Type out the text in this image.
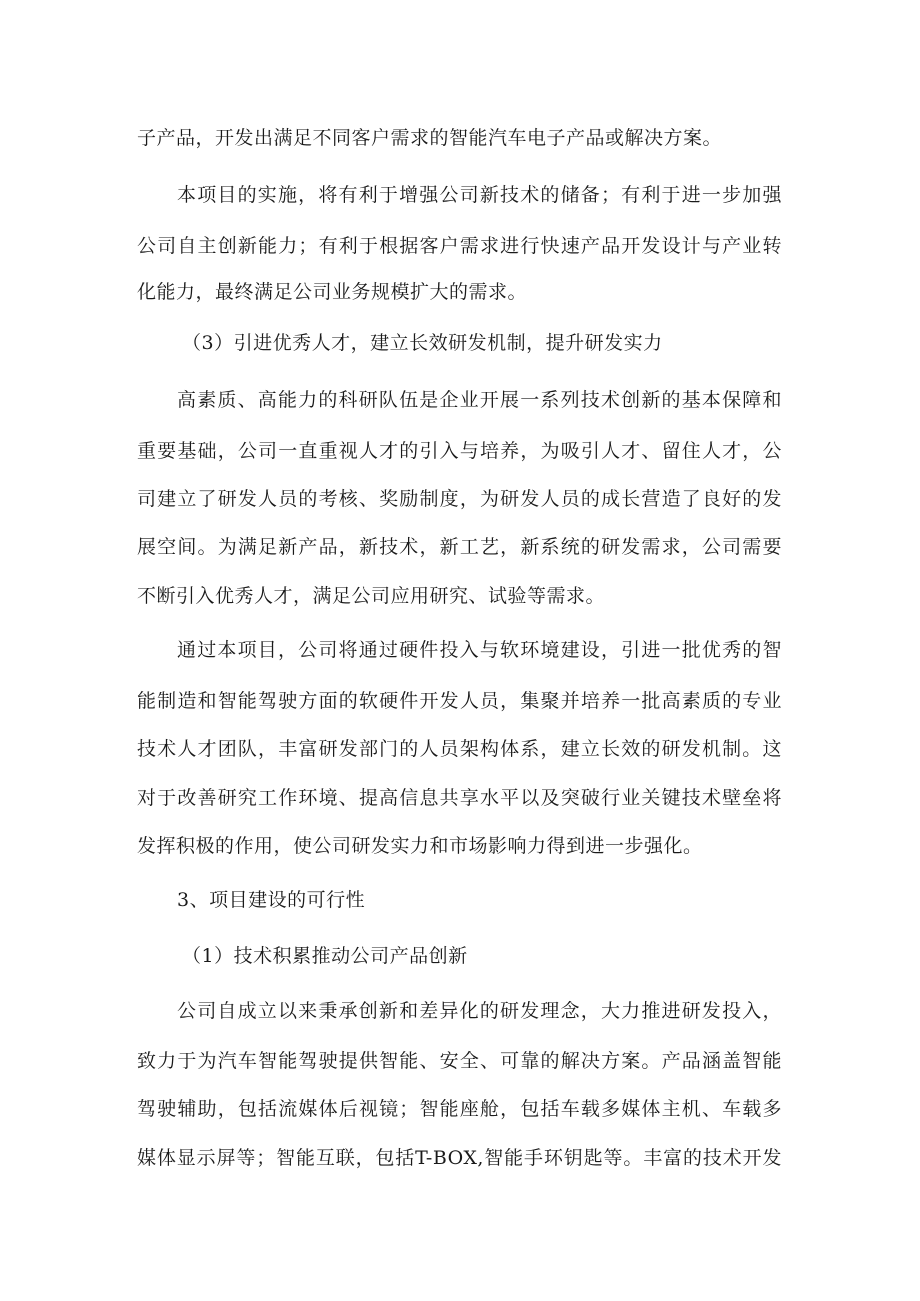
子产品，开发出满足不同客户需求的智能汽车电子产品或解决方案。
本项目的实施，将有利于增强公司新技术的储备；有利于进一步加强
公司自主创新能力；有利于根据客户需求进行快速产品开发设计与产业转
化能力，最终满足公司业务规模扩大的需求。
（3）引进优秀人才，建立长效研发机制，提升研发实力
高素质、高能力的科研队伍是企业开展一系列技术创新的基本保障和
重要基础，公司一直重视人才的引入与培养，为吸引人才、留住人才，公
司建立了研发人员的考核、奖励制度，为研发人员的成长营造了良好的发
展空间。为满足新产品，新技术，新工艺，新系统的研发需求，公司需要
不断引入优秀人才，满足公司应用研究、试验等需求。
通过本项目，公司将通过硬件投入与软环境建设，引进一批优秀的智
能制造和智能驾驶方面的软硬件开发人员，集聚并培养一批高素质的专业
技术人才团队，丰富研发部门的人员架构体系，建立长效的研发机制。这
对于改善研究工作环境、提高信息共享水平以及突破行业关键技术壁垒将
发挥积极的作用，使公司研发实力和市场影响力得到进一步强化。
3、项目建设的可行性
（1）技术积累推动公司产品创新
公司自成立以来秉承创新和差异化的研发理念，大力推进研发投入，
致力于为汽车智能驾驶提供智能、安全、可靠的解决方案。产品涵盖智能
驾驶辅助，包括流媒体后视镜；智能座舱，包括车载多媒体主机、车载多
媒体显示屏等；智能互联，包括T-BOX,智能手环钥匙等。丰富的技术开发
